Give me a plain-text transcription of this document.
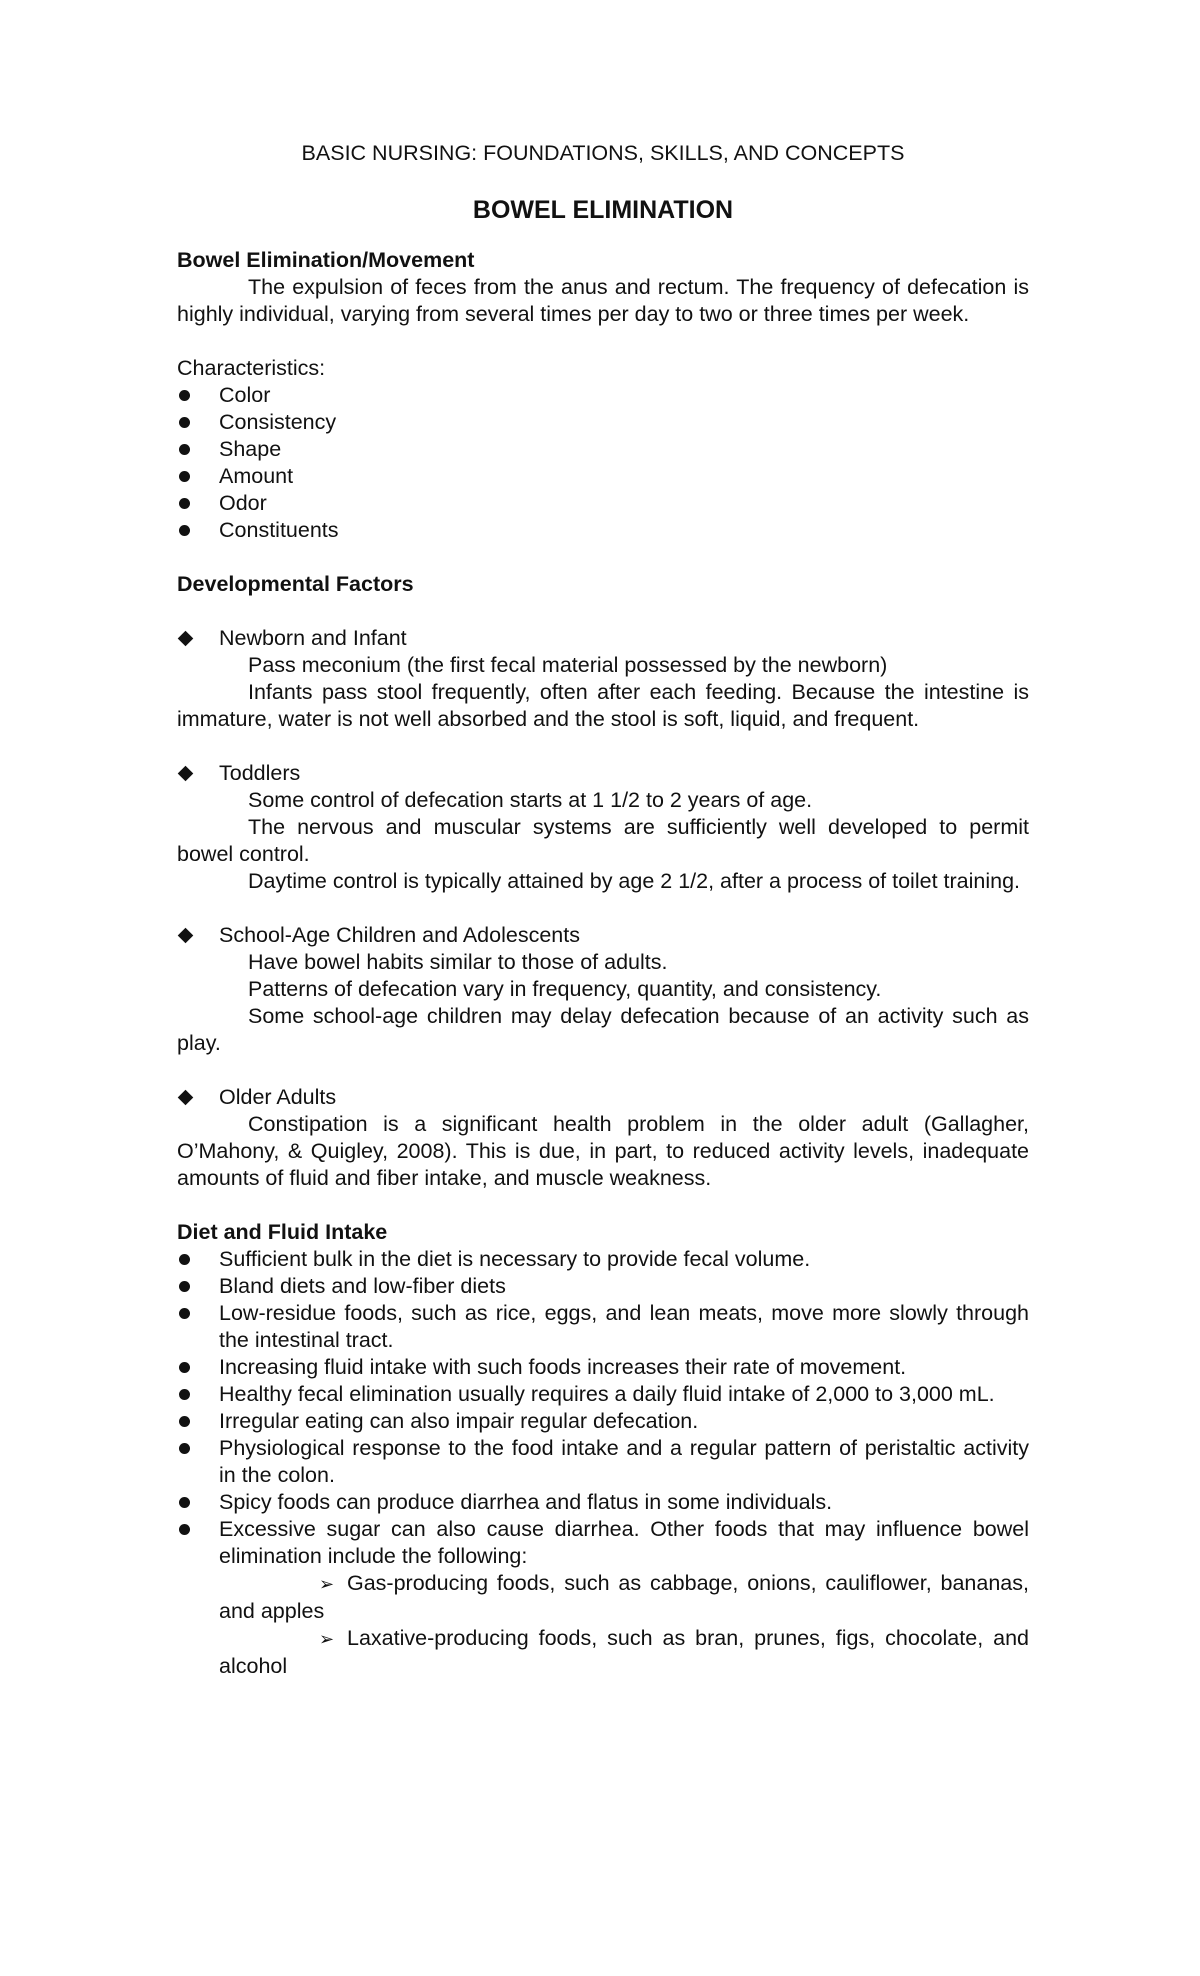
BASIC NURSING: FOUNDATIONS, SKILLS, AND CONCEPTS
BOWEL ELIMINATION
Bowel Elimination/Movement

The expulsion of feces from the anus and rectum. The frequency of defecation is highly individual, varying from several times per day to two or three times per week.

Characteristics:
Color
Consistency
Shape
Amount
Odor
Constituents
Developmental Factors
Newborn and Infant

Pass meconium (the first fecal material possessed by the newborn)

Infants pass stool frequently, often after each feeding. Because the intestine is immature, water is not well absorbed and the stool is soft, liquid, and frequent.

Toddlers

Some control of defecation starts at 1 1/2 to 2 years of age.

The nervous and muscular systems are sufficiently well developed to permit bowel control.

Daytime control is typically attained by age 2 1/2, after a process of toilet training.

School-Age Children and Adolescents

Have bowel habits similar to those of adults.

Patterns of defecation vary in frequency, quantity, and consistency.

Some school-age children may delay defecation because of an activity such as play.

Older Adults

Constipation is a significant health problem in the older adult (Gallagher, O’Mahony, & Quigley, 2008). This is due, in part, to reduced activity levels, inadequate amounts of fluid and fiber intake, and muscle weakness.

Diet and Fluid Intake
Sufficient bulk in the diet is necessary to provide fecal volume.
Bland diets and low-fiber diets
Low-residue foods, such as rice, eggs, and lean meats, move more slowly through the intestinal tract.
Increasing fluid intake with such foods increases their rate of movement.
Healthy fecal elimination usually requires a daily fluid intake of 2,000 to 3,000 mL.
Irregular eating can also impair regular defecation.
Physiological response to the food intake and a regular pattern of peristaltic activity in the colon.
Spicy foods can produce diarrhea and flatus in some individuals.
Excessive sugar can also cause diarrhea. Other foods that may influence bowel elimination include the following:
➢ Gas-producing foods, such as cabbage, onions, cauliflower, bananas, and apples
➢ Laxative-producing foods, such as bran, prunes, figs, chocolate, and alcohol
